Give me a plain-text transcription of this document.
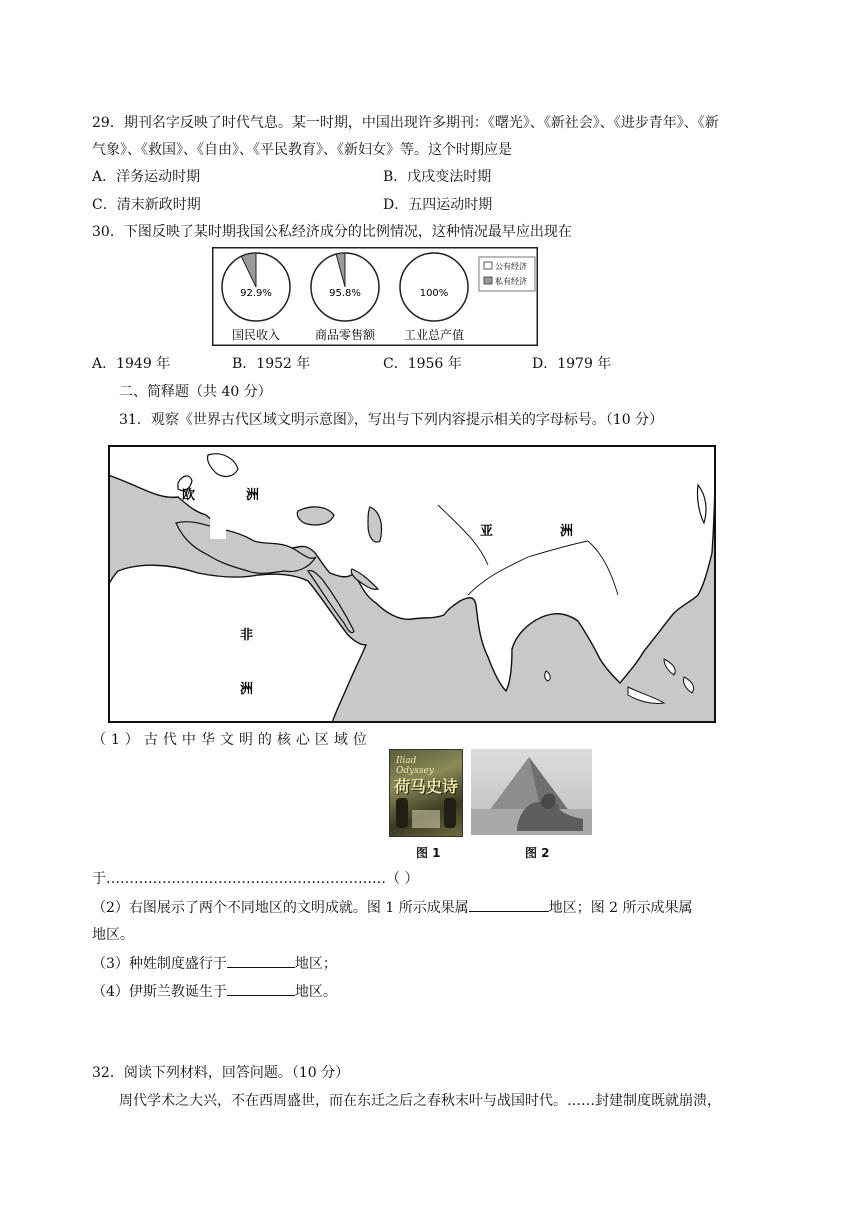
29．期刊名字反映了时代气息。某一时期，中国出现许多期刊：《曙光》、《新社会》、《进步青年》、《新
气象》、《救国》、《自由》、《平民教育》、《新妇女》等。这个时期应是
A．洋务运动时期	B．戊戌变法时期
C．清末新政时期	D．五四运动时期
30．下图反映了某时期我国公私经济成分的比例情况，这种情况最早应出现在
92.9%
国民收入
95.8%
商品零售额
100%
工业总产值
公有经济
私有经济
A．1949 年	B．1952 年	C．1956 年	D．1979 年
二、简释题（共 40 分）
31．观察《世界古代区域文明示意图》，写出与下列内容提示相关的字母标号。（10 分）
欧	洲
亚	洲
非
洲
（1）古代中华文明的核心区域位
Iliad Odyssey
荷马史诗
图 1	图 2
于……………………………………………………（ ）
（2）右图展示了两个不同地区的文明成就。图 1 所示成果属	地区；图 2 所示成果属
地区。
（3）种姓制度盛行于	地区；
（4）伊斯兰教诞生于	地区。
32．阅读下列材料，回答问题。（10 分）
周代学术之大兴，不在西周盛世，而在东迁之后之春秋末叶与战国时代。……封建制度既就崩溃，
